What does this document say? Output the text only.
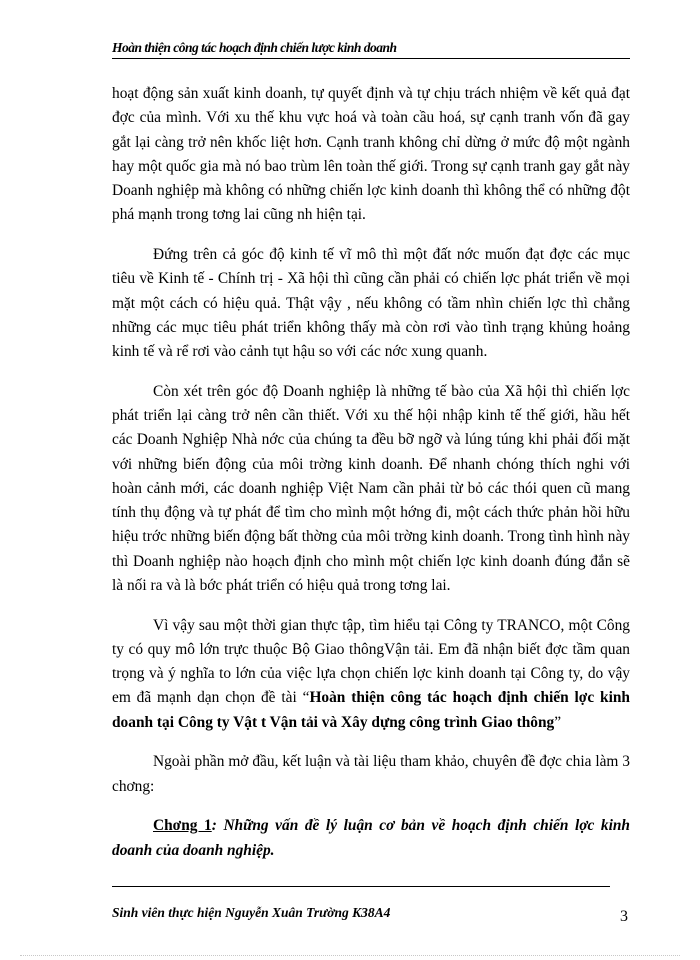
Hoàn thiện công tác hoạch định chiến lược kinh doanh

hoạt động sản xuất kinh doanh, tự quyết định và tự chịu trách nhiệm về kết quả đạt đợc của mình. Với xu thế khu vực hoá và toàn cầu hoá, sự cạnh tranh vốn đã gay gắt lại càng trở nên khốc liệt hơn. Cạnh tranh không chỉ dừng ở mức độ một ngành hay một quốc gia mà nó bao trùm lên toàn thế giới. Trong sự cạnh tranh gay gắt này Doanh nghiệp mà không có những chiến lợc kinh doanh thì không thể có những đột phá mạnh trong tơng lai cũng nh hiện tại.

Đứng trên cả góc độ kinh tế vĩ mô thì một đất nớc muốn đạt đợc các mục tiêu về Kinh tế - Chính trị - Xã hội thì cũng cần phải có chiến lợc phát triển về mọi mặt một cách có hiệu quả. Thật vậy , nếu không có tầm nhìn chiến lợc thì chẳng những các mục tiêu phát triển không thấy mà còn rơi vào tình trạng khủng hoảng kinh tế và rể rơi vào cảnh tụt hậu so với các nớc xung quanh.

Còn xét trên góc độ Doanh nghiệp là những tế bào của Xã hội thì chiến lợc phát triển lại càng trở nên cần thiết. Với xu thế hội nhập kinh tế thế giới, hầu hết các Doanh Nghiệp Nhà nớc của chúng ta đều bỡ ngỡ và lúng túng khi phải đối mặt với những biến động của môi trờng kinh doanh. Để nhanh chóng thích nghi với hoàn cảnh mới, các doanh nghiệp Việt Nam cần phải từ bỏ các thói quen cũ mang tính thụ động và tự phát để tìm cho mình một hớng đi, một cách thức phản hồi hữu hiệu trớc những biến động bất thờng của môi trờng kinh doanh. Trong tình hình này thì Doanh nghiệp nào hoạch định cho mình một chiến lợc kinh doanh đúng đắn sẽ là nối ra và là bớc phát triển có hiệu quả trong tơng lai.

Vì vậy sau một thời gian thực tập, tìm hiểu tại Công ty TRANCO, một Công ty có quy mô lớn trực thuộc Bộ Giao thôngVận tải. Em đã nhận biết đợc tầm quan trọng và ý nghĩa to lớn của việc lựa chọn chiến lợc kinh doanh tại Công ty, do vậy em đã mạnh dạn chọn đề tài “Hoàn thiện công tác hoạch định chiến lợc kinh doanh tại Công ty Vật t Vận tải và Xây dựng công trình Giao thông”

Ngoài phần mở đầu, kết luận và tài liệu tham khảo, chuyên đề đợc chia làm 3 chơng:

Chơng 1: Những vấn đề lý luận cơ bản về hoạch định chiến lợc kinh doanh của doanh nghiệp.

Sinh viên thực hiện Nguyễn Xuân Trường K38A4	3
